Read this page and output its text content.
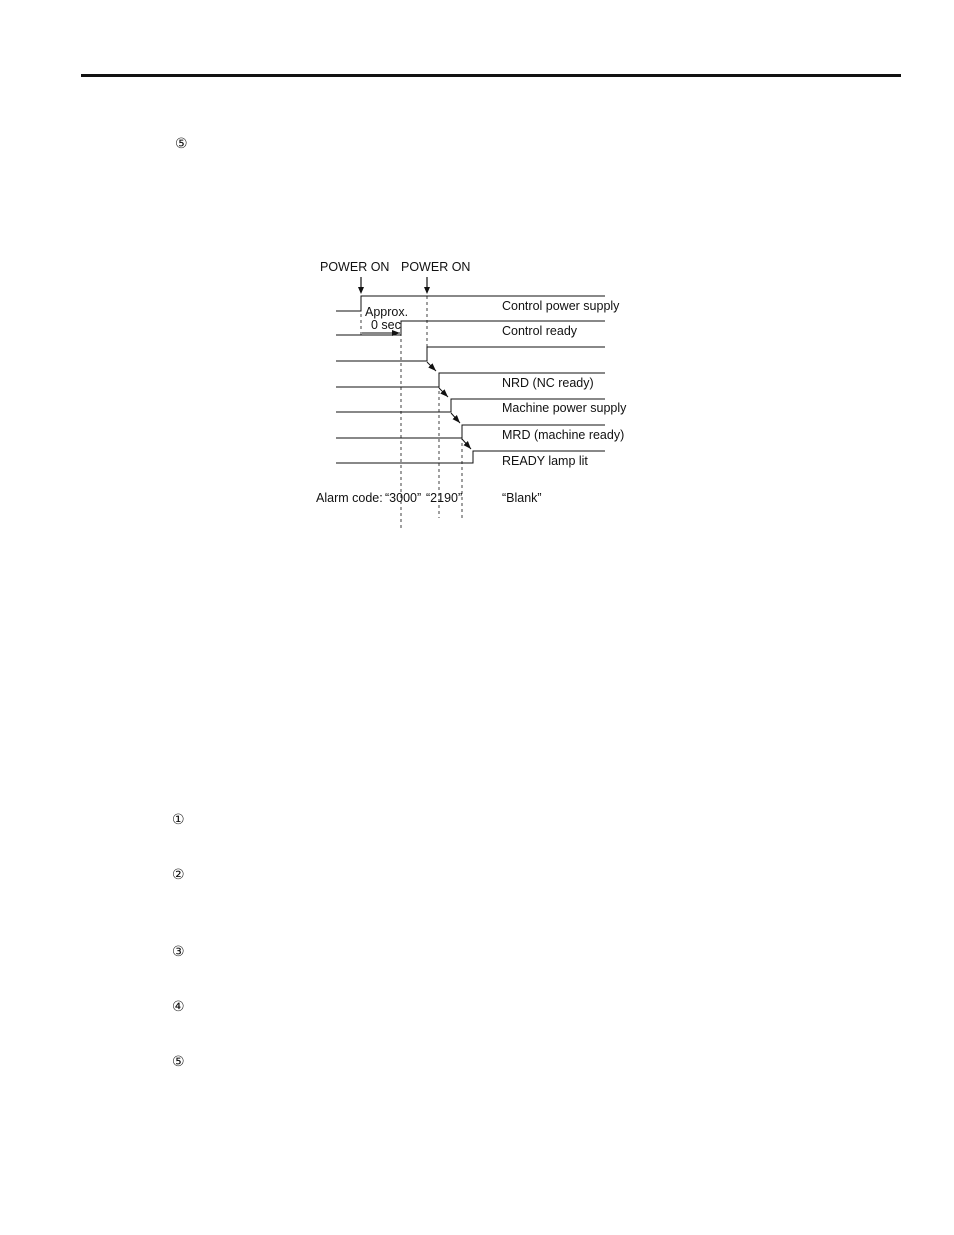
⑤
POWER ON POWER ON
Approx.
0 sec
Control power supply
Control ready
NRD (NC ready)
Machine power supply
MRD (machine ready)
READY lamp lit
Alarm code: “3000” “2190”	“Blank”
①
②
③
④
⑤
